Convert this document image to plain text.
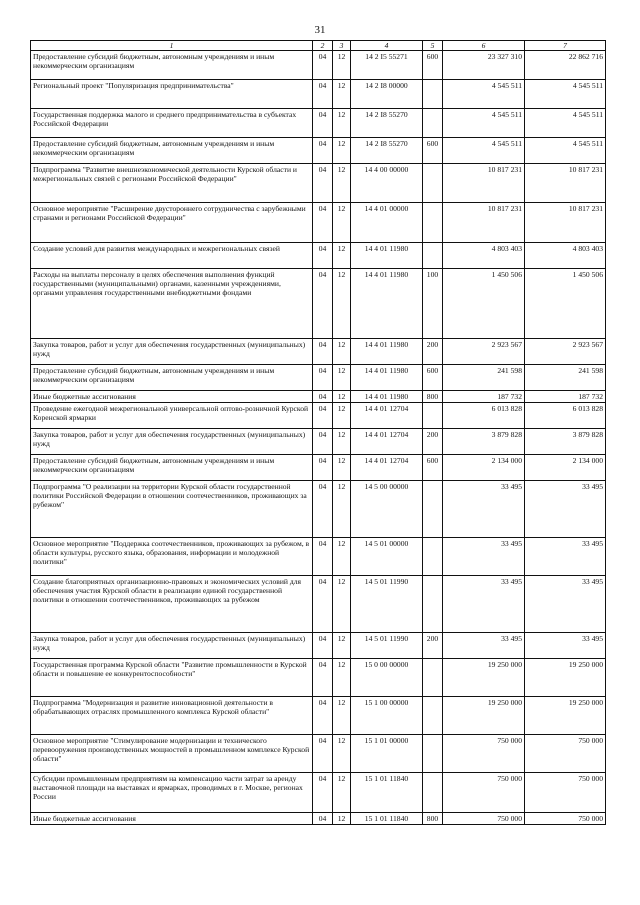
31
1	2	3	4	5	6	7
Предоставление субсидий бюджетным, автономным учреждениям и иным некоммерческим организациям	04	12	14 2 I5 55271	600	23 327 310	22 862 716
Региональный проект "Популяризация предпринимательства"	04	12	14 2 I8 00000		4 545 511	4 545 511
Государственная поддержка малого и среднего предпринимательства в субъектах Российской Федерации	04	12	14 2 I8 55270		4 545 511	4 545 511
Предоставление субсидий бюджетным, автономным учреждениям и иным некоммерческим организациям	04	12	14 2 I8 55270	600	4 545 511	4 545 511
Подпрограмма "Развитие внешнеэкономической деятельности Курской области и межрегиональных связей с регионами Российской Федерации"	04	12	14 4 00 00000		10 817 231	10 817 231
Основное мероприятие "Расширение двустороннего сотрудничества с зарубежными странами и регионами Российской Федерации"	04	12	14 4 01 00000		10 817 231	10 817 231
Создание условий для развития международных и межрегиональных связей	04	12	14 4 01 11980		4 803 403	4 803 403
Расходы на выплаты персоналу в целях обеспечения выполнения функций государственными (муниципальными) органами, казенными учреждениями, органами управления государственными внебюджетными фондами	04	12	14 4 01 11980	100	1 450 506	1 450 506
Закупка товаров, работ и услуг для обеспечения государственных (муниципальных) нужд	04	12	14 4 01 11980	200	2 923 567	2 923 567
Предоставление субсидий бюджетным, автономным учреждениям и иным некоммерческим организациям	04	12	14 4 01 11980	600	241 598	241 598
Иные бюджетные ассигнования	04	12	14 4 01 11980	800	187 732	187 732
Проведение ежегодной межрегиональной универсальной оптово-розничной Курской Коренской ярмарки	04	12	14 4 01 12704		6 013 828	6 013 828
Закупка товаров, работ и услуг для обеспечения государственных (муниципальных) нужд	04	12	14 4 01 12704	200	3 879 828	3 879 828
Предоставление субсидий бюджетным, автономным учреждениям и иным некоммерческим организациям	04	12	14 4 01 12704	600	2 134 000	2 134 000
Подпрограмма "О реализации на территории Курской области государственной политики Российской Федерации в отношении соотечественников, проживающих за рубежом"	04	12	14 5 00 00000		33 495	33 495
Основное мероприятие "Поддержка соотечественников, проживающих за рубежом, в области культуры, русского языка, образования, информации и молодежной политики"	04	12	14 5 01 00000		33 495	33 495
Создание благоприятных организационно-правовых и экономических условий для обеспечения участия Курской области в реализации единой государственной политики в отношении соотечественников, проживающих за рубежом	04	12	14 5 01 11990		33 495	33 495
Закупка товаров, работ и услуг для обеспечения государственных (муниципальных) нужд	04	12	14 5 01 11990	200	33 495	33 495
Государственная программа Курской области "Развитие промышленности в Курской области и повышение ее конкурентоспособности"	04	12	15 0 00 00000		19 250 000	19 250 000
Подпрограмма "Модернизация и развитие инновационной деятельности в обрабатывающих отраслях промышленного комплекса Курской области"	04	12	15 1 00 00000		19 250 000	19 250 000
Основное мероприятие "Стимулирование модернизации и технического перевооружения производственных мощностей в промышленном комплексе Курской области"	04	12	15 1 01 00000		750 000	750 000
Субсидии промышленным предприятиям на компенсацию части затрат за аренду выставочной площади на выставках и ярмарках, проводимых в г. Москве, регионах России	04	12	15 1 01 11840		750 000	750 000
Иные бюджетные ассигнования	04	12	15 1 01 11840	800	750 000	750 000
